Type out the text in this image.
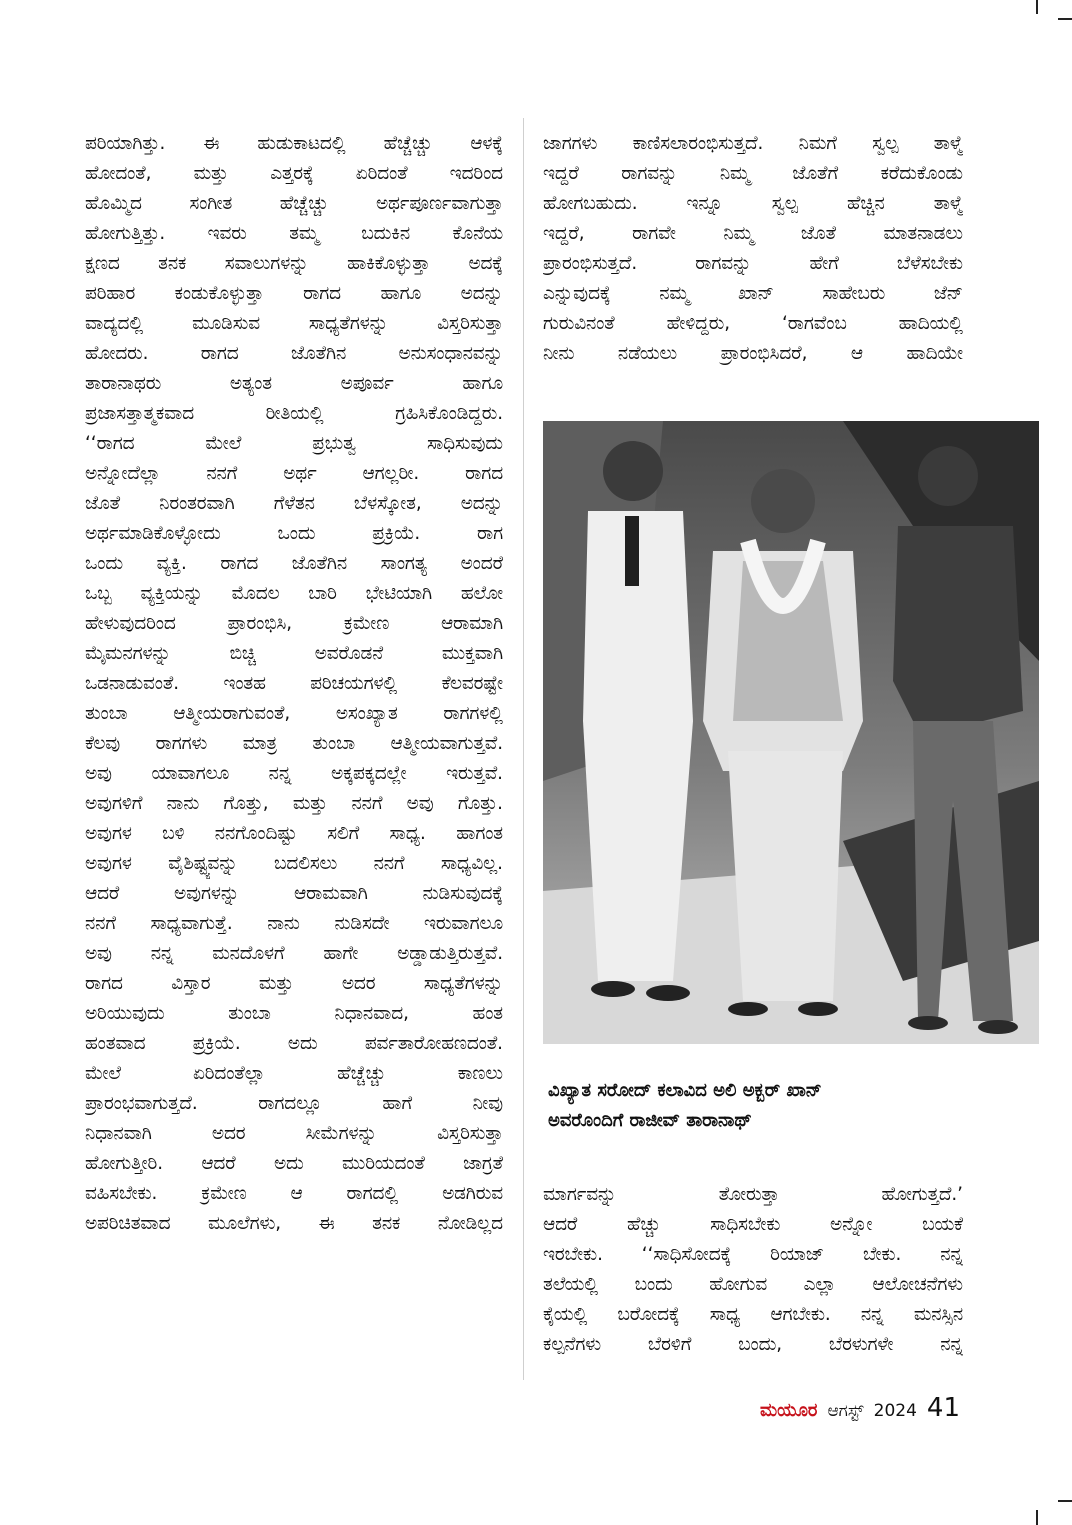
ಪರಿಯಾಗಿತ್ತು. ಈ ಹುಡುಕಾಟದಲ್ಲಿ ಹೆಚ್ಚೆಚ್ಚು ಆಳಕ್ಕೆ
ಹೋದಂತೆ, ಮತ್ತು ಎತ್ತರಕ್ಕೆ ಏರಿದಂತೆ ಇದರಿಂದ
ಹೊಮ್ಮಿದ ಸಂಗೀತ ಹೆಚ್ಚೆಚ್ಚು ಅರ್ಥಪೂರ್ಣವಾಗುತ್ತಾ
ಹೋಗುತ್ತಿತ್ತು. ಇವರು ತಮ್ಮ ಬದುಕಿನ ಕೊನೆಯ
ಕ್ಷಣದ ತನಕ ಸವಾಲುಗಳನ್ನು ಹಾಕಿಕೊಳ್ಳುತ್ತಾ ಅದಕ್ಕೆ
ಪರಿಹಾರ ಕಂಡುಕೊಳ್ಳುತ್ತಾ ರಾಗದ ಹಾಗೂ ಅದನ್ನು
ವಾದ್ಯದಲ್ಲಿ ಮೂಡಿಸುವ ಸಾಧ್ಯತೆಗಳನ್ನು ವಿಸ್ತರಿಸುತ್ತಾ
ಹೋದರು. ರಾಗದ ಜೊತೆಗಿನ ಅನುಸಂಧಾನವನ್ನು
ತಾರಾನಾಥರು ಅತ್ಯಂತ ಅಪೂರ್ವ ಹಾಗೂ
ಪ್ರಜಾಸತ್ತಾತ್ಮಕವಾದ ರೀತಿಯಲ್ಲಿ ಗ್ರಹಿಸಿಕೊಂಡಿದ್ದರು.
‘‘ರಾಗದ ಮೇಲೆ ಪ್ರಭುತ್ವ ಸಾಧಿಸುವುದು
ಅನ್ನೋದೆಲ್ಲಾ ನನಗೆ ಅರ್ಥ ಆಗಲ್ಲರೀ. ರಾಗದ
ಜೊತೆ ನಿರಂತರವಾಗಿ ಗೆಳೆತನ ಬೆಳಸ್ಕೋತ, ಅದನ್ನು
ಅರ್ಥಮಾಡಿಕೊಳ್ಳೋದು ಒಂದು ಪ್ರಕ್ರಿಯೆ. ರಾಗ
ಒಂದು ವ್ಯಕ್ತಿ. ರಾಗದ ಜೊತೆಗಿನ ಸಾಂಗತ್ಯ ಅಂದರೆ
ಒಬ್ಬ ವ್ಯಕ್ತಿಯನ್ನು ಮೊದಲ ಬಾರಿ ಭೇಟಿಯಾಗಿ ಹಲೋ
ಹೇಳುವುದರಿಂದ ಪ್ರಾರಂಭಿಸಿ, ಕ್ರಮೇಣ ಆರಾಮಾಗಿ
ಮೈಮನಗಳನ್ನು ಬಿಚ್ಚಿ ಅವರೊಡನೆ ಮುಕ್ತವಾಗಿ
ಒಡನಾಡುವಂತೆ. ಇಂತಹ ಪರಿಚಯಗಳಲ್ಲಿ ಕೆಲವರಷ್ಟೇ
ತುಂಬಾ ಆತ್ಮೀಯರಾಗುವಂತೆ, ಅಸಂಖ್ಯಾತ ರಾಗಗಳಲ್ಲಿ
ಕೆಲವು ರಾಗಗಳು ಮಾತ್ರ ತುಂಬಾ ಆತ್ಮೀಯವಾಗುತ್ತವೆ.
ಅವು ಯಾವಾಗಲೂ ನನ್ನ ಅಕ್ಕಪಕ್ಕದಲ್ಲೇ ಇರುತ್ತವೆ.
ಅವುಗಳಿಗೆ ನಾನು ಗೊತ್ತು, ಮತ್ತು ನನಗೆ ಅವು ಗೊತ್ತು.
ಅವುಗಳ ಬಳಿ ನನಗೊಂದಿಷ್ಟು ಸಲಿಗೆ ಸಾಧ್ಯ. ಹಾಗಂತ
ಅವುಗಳ ವೈಶಿಷ್ಟ್ಯವನ್ನು ಬದಲಿಸಲು ನನಗೆ ಸಾಧ್ಯವಿಲ್ಲ.
ಆದರೆ ಅವುಗಳನ್ನು ಆರಾಮವಾಗಿ ನುಡಿಸುವುದಕ್ಕೆ
ನನಗೆ ಸಾಧ್ಯವಾಗುತ್ತೆ. ನಾನು ನುಡಿಸದೇ ಇರುವಾಗಲೂ
ಅವು ನನ್ನ ಮನದೊಳಗೆ ಹಾಗೇ ಅಡ್ಡಾಡುತ್ತಿರುತ್ತವೆ.
ರಾಗದ ವಿಸ್ತಾರ ಮತ್ತು ಅದರ ಸಾಧ್ಯತೆಗಳನ್ನು
ಅರಿಯುವುದು ತುಂಬಾ ನಿಧಾನವಾದ, ಹಂತ
ಹಂತವಾದ ಪ್ರಕ್ರಿಯೆ. ಅದು ಪರ್ವತಾರೋಹಣದಂತೆ.
ಮೇಲೆ ಏರಿದಂತೆಲ್ಲಾ ಹೆಚ್ಚೆಚ್ಚು ಕಾಣಲು
ಪ್ರಾರಂಭವಾಗುತ್ತದೆ. ರಾಗದಲ್ಲೂ ಹಾಗೆ ನೀವು
ನಿಧಾನವಾಗಿ ಅದರ ಸೀಮೆಗಳನ್ನು ವಿಸ್ತರಿಸುತ್ತಾ
ಹೋಗುತ್ತೀರಿ. ಆದರೆ ಅದು ಮುರಿಯದಂತೆ ಜಾಗ್ರತೆ
ವಹಿಸಬೇಕು. ಕ್ರಮೇಣ ಆ ರಾಗದಲ್ಲಿ ಅಡಗಿರುವ
ಅಪರಿಚಿತವಾದ ಮೂಲೆಗಳು, ಈ ತನಕ ನೋಡಿಲ್ಲದ
ಜಾಗಗಳು ಕಾಣಿಸಲಾರಂಭಿಸುತ್ತದೆ. ನಿಮಗೆ ಸ್ವಲ್ಪ ತಾಳ್ಮೆ
ಇದ್ದರೆ ರಾಗವನ್ನು ನಿಮ್ಮ ಜೊತೆಗೆ ಕರೆದುಕೊಂಡು
ಹೋಗಬಹುದು. ಇನ್ನೂ ಸ್ವಲ್ಪ ಹೆಚ್ಚಿನ ತಾಳ್ಮೆ
ಇದ್ದರೆ, ರಾಗವೇ ನಿಮ್ಮ ಜೊತೆ ಮಾತನಾಡಲು
ಪ್ರಾರಂಭಿಸುತ್ತದೆ. ರಾಗವನ್ನು ಹೇಗೆ ಬೆಳೆಸಬೇಕು
ಎನ್ನುವುದಕ್ಕೆ ನಮ್ಮ ಖಾನ್ ಸಾಹೇಬರು ಜೆನ್
ಗುರುವಿನಂತೆ ಹೇಳಿದ್ದರು, ‘ರಾಗವೆಂಬ ಹಾದಿಯಲ್ಲಿ
ನೀನು ನಡೆಯಲು ಪ್ರಾರಂಭಿಸಿದರೆ, ಆ ಹಾದಿಯೇ
ವಿಖ್ಯಾತ ಸರೋದ್ ಕಲಾವಿದ ಅಲಿ ಅಕ್ಬರ್ ಖಾನ್
ಅವರೊಂದಿಗೆ ರಾಜೀವ್ ತಾರಾನಾಥ್
ಮಾರ್ಗವನ್ನು ತೋರುತ್ತಾ ಹೋಗುತ್ತದೆ.’
ಆದರೆ ಹೆಚ್ಚು ಸಾಧಿಸಬೇಕು ಅನ್ನೋ ಬಯಕೆ
ಇರಬೇಕು. ‘‘ಸಾಧಿಸೋದಕ್ಕೆ ರಿಯಾಜ್ ಬೇಕು. ನನ್ನ
ತಲೆಯಲ್ಲಿ ಬಂದು ಹೋಗುವ ಎಲ್ಲಾ ಆಲೋಚನೆಗಳು
ಕೈಯಲ್ಲಿ ಬರೋದಕ್ಕೆ ಸಾಧ್ಯ ಆಗಬೇಕು. ನನ್ನ ಮನಸ್ಸಿನ
ಕಲ್ಪನೆಗಳು ಬೆರಳಿಗೆ ಬಂದು, ಬೆರಳುಗಳೇ ನನ್ನ
ಮಯೂರ ಆಗಸ್ಟ್ 2024 41
